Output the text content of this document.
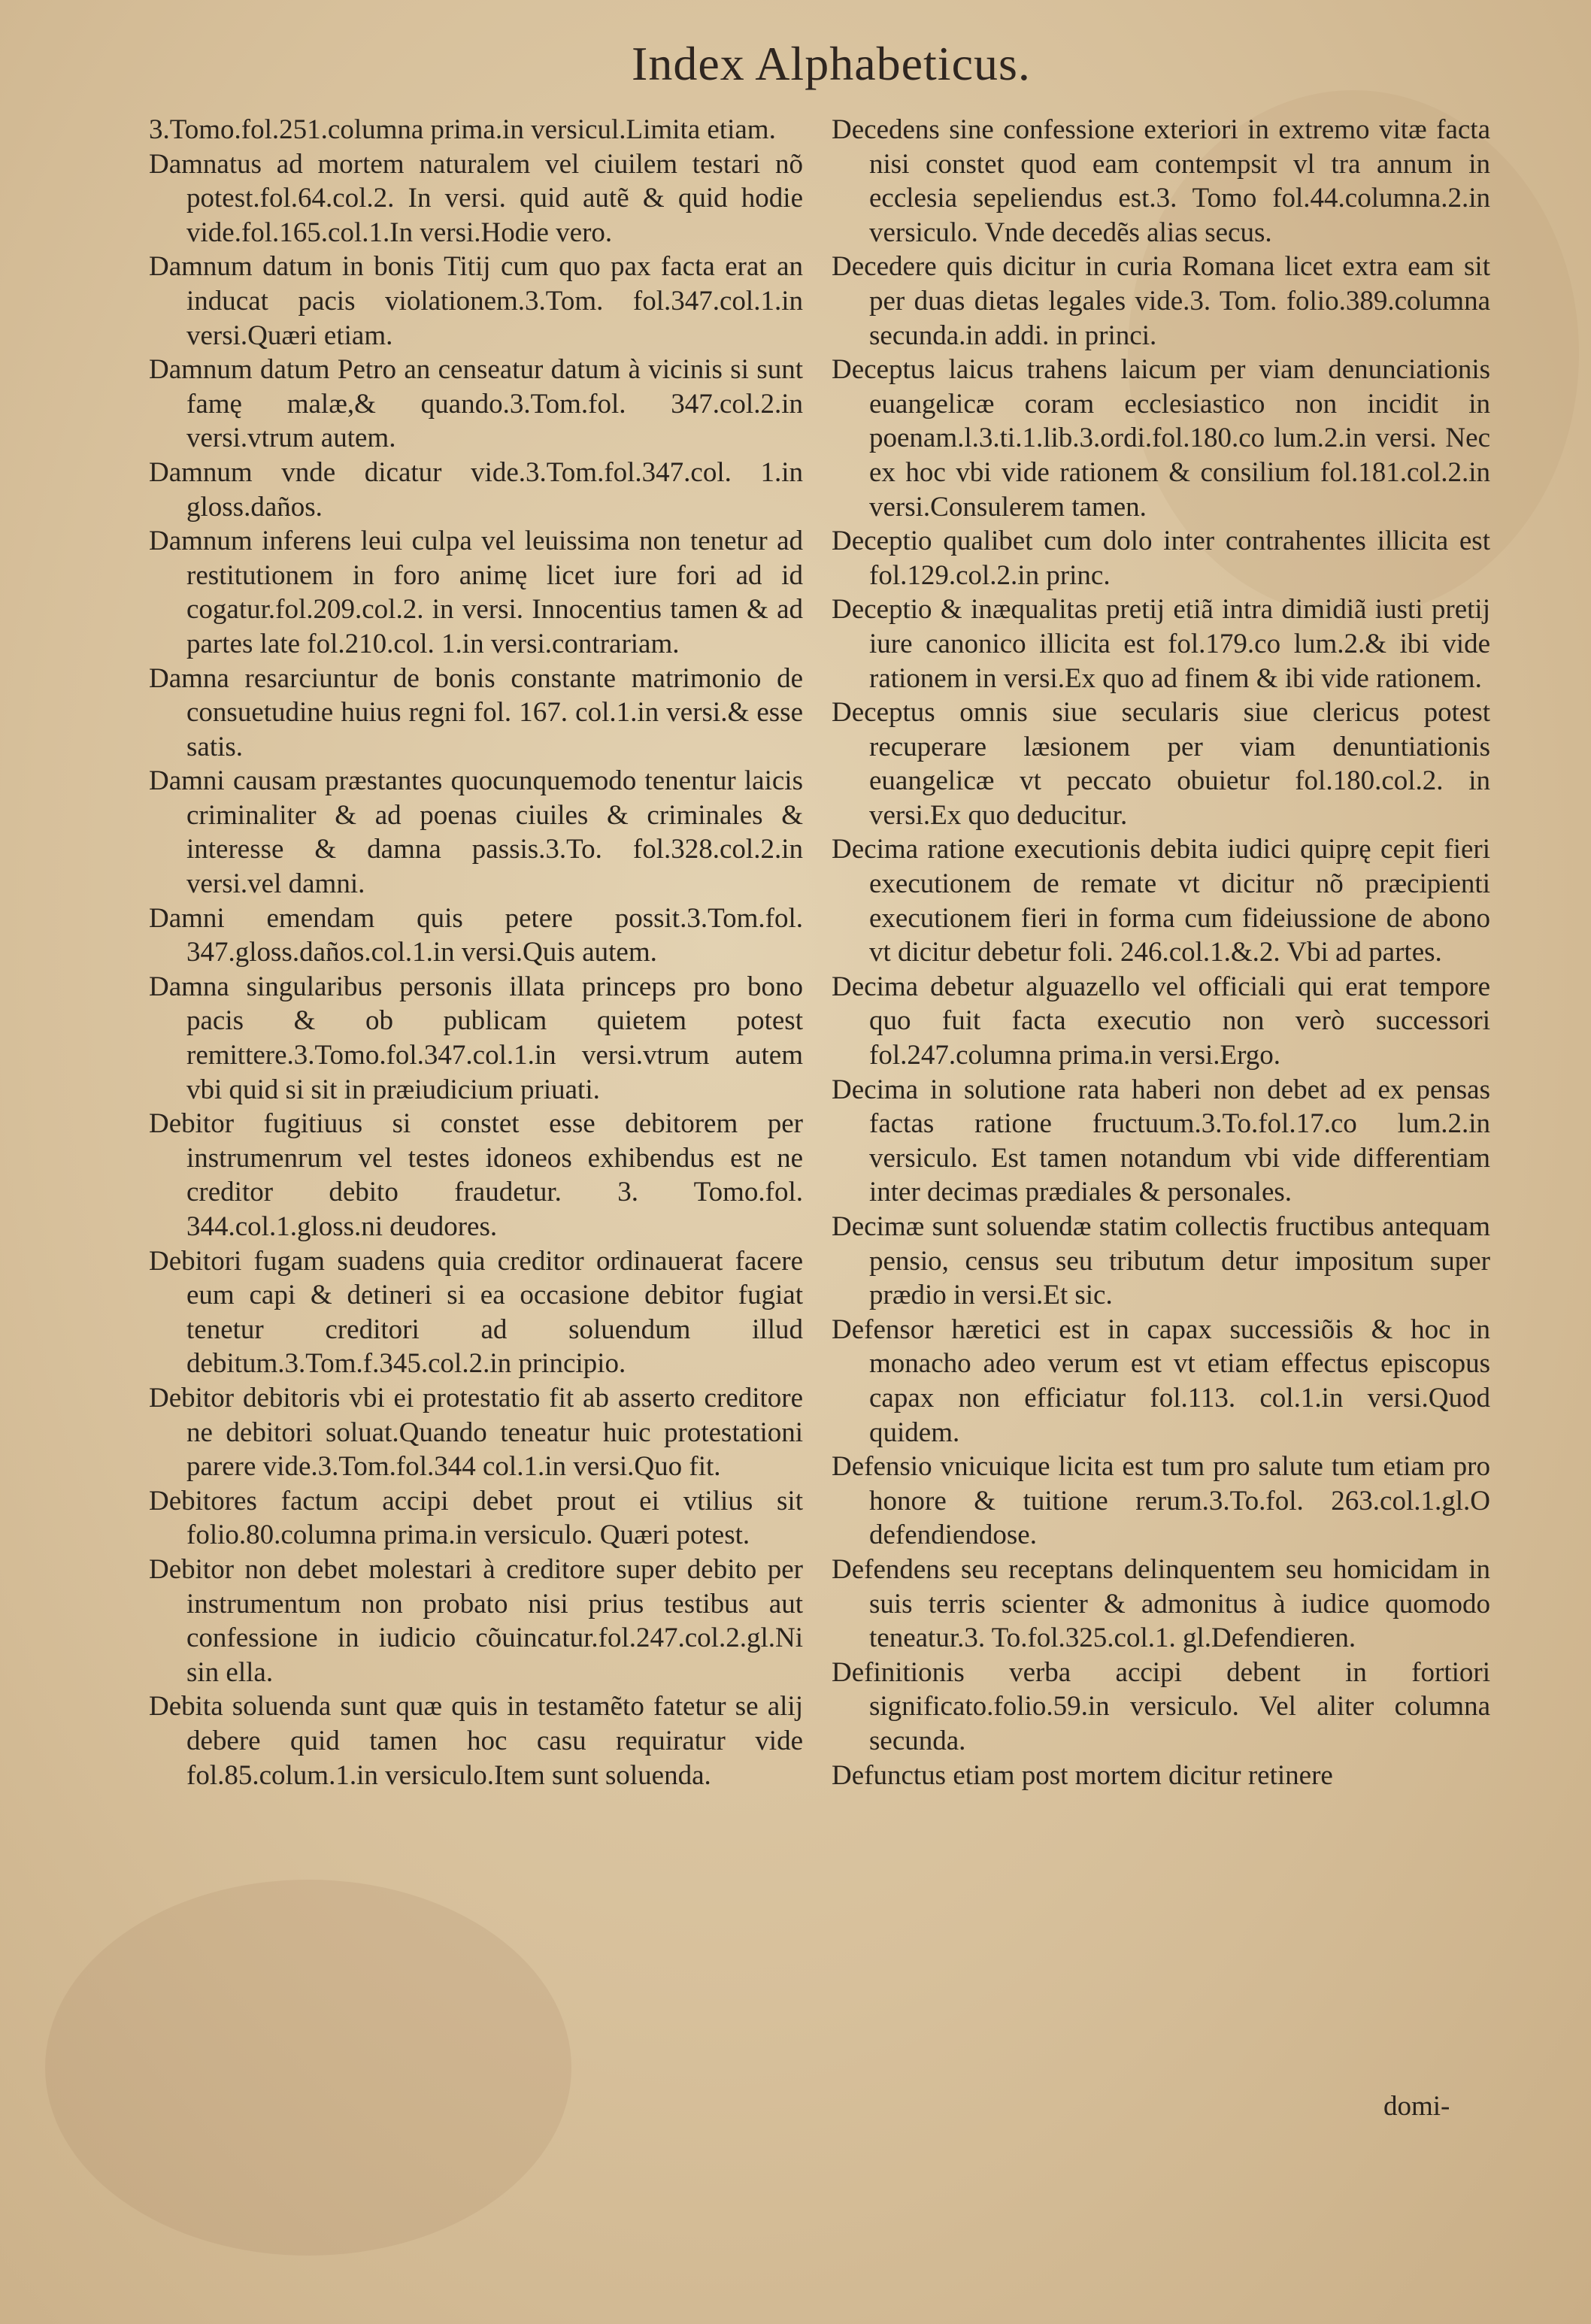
Index Alphabeticus.

3.Tomo.fol.251.columna prima.in versicul.Limita etiam.

Damnatus ad mortem naturalem vel ciuilem testari nõ potest.fol.64.col.2. In versi. quid autẽ & quid hodie vide.fol.165.col.1.In versi.Hodie vero.

Damnum datum in bonis Titij cum quo pax facta erat an inducat pacis violationem.3.Tom. fol.347.col.1.in versi.Quæri etiam.

Damnum datum Petro an censeatur datum à vicinis si sunt famę malæ,& quando.3.Tom.fol. 347.col.2.in versi.vtrum autem.

Damnum vnde dicatur vide.3.Tom.fol.347.col. 1.in gloss.daños.

Damnum inferens leui culpa vel leuissima non tenetur ad restitutionem in foro animę licet iure fori ad id cogatur.fol.209.col.2. in versi. Innocentius tamen & ad partes late fol.210.col. 1.in versi.contrariam.

Damna resarciuntur de bonis constante matrimonio de consuetudine huius regni fol. 167. col.1.in versi.& esse satis.

Damni causam præstantes quocunquemodo tenentur laicis criminaliter & ad poenas ciuiles & criminales & interesse & damna passis.3.To. fol.328.col.2.in versi.vel damni.

Damni emendam quis petere possit.3.Tom.fol. 347.gloss.daños.col.1.in versi.Quis autem.

Damna singularibus personis illata princeps pro bono pacis & ob publicam quietem potest remittere.3.Tomo.fol.347.col.1.in versi.vtrum autem vbi quid si sit in præiudicium priuati.

Debitor fugitiuus si constet esse debitorem per instrumenrum vel testes idoneos exhibendus est ne creditor debito fraudetur. 3. Tomo.fol. 344.col.1.gloss.ni deudores.

Debitori fugam suadens quia creditor ordinauerat facere eum capi & detineri si ea occasione debitor fugiat tenetur creditori ad soluendum illud debitum.3.Tom.f.345.col.2.in principio.

Debitor debitoris vbi ei protestatio fit ab asserto creditore ne debitori soluat.Quando teneatur huic protestationi parere vide.3.Tom.fol.344 col.1.in versi.Quo fit.

Debitores factum accipi debet prout ei vtilius sit folio.80.columna prima.in versiculo. Quæri potest.

Debitor non debet molestari à creditore super debito per instrumentum non probato nisi prius testibus aut confessione in iudicio cõuincatur.fol.247.col.2.gl.Ni sin ella.

Debita soluenda sunt quæ quis in testamẽto fatetur se alij debere quid tamen hoc casu requiratur vide fol.85.colum.1.in versiculo.Item sunt soluenda.

Decedens sine confessione exteriori in extremo vitæ facta nisi constet quod eam contempsit vl tra annum in ecclesia sepeliendus est.3. Tomo fol.44.columna.2.in versiculo. Vnde decedẽs alias secus.

Decedere quis dicitur in curia Romana licet extra eam sit per duas dietas legales vide.3. Tom. folio.389.columna secunda.in addi. in princi.

Deceptus laicus trahens laicum per viam denunciationis euangelicæ coram ecclesiastico non incidit in poenam.l.3.ti.1.lib.3.ordi.fol.180.co lum.2.in versi. Nec ex hoc vbi vide rationem & consilium fol.181.col.2.in versi.Consulerem tamen.

Deceptio qualibet cum dolo inter contrahentes illicita est fol.129.col.2.in princ.

Deceptio & inæqualitas pretij etiã intra dimidiã iusti pretij iure canonico illicita est fol.179.co lum.2.& ibi vide rationem in versi.Ex quo ad finem & ibi vide rationem.

Deceptus omnis siue secularis siue clericus potest recuperare læsionem per viam denuntiationis euangelicæ vt peccato obuietur fol.180.col.2. in versi.Ex quo deducitur.

Decima ratione executionis debita iudici quiprę cepit fieri executionem de remate vt dicitur nõ præcipienti executionem fieri in forma cum fideiussione de abono vt dicitur debetur foli. 246.col.1.&.2. Vbi ad partes.

Decima debetur alguazello vel officiali qui erat tempore quo fuit facta executio non verò successori fol.247.columna prima.in versi.Ergo.

Decima in solutione rata haberi non debet ad ex pensas factas ratione fructuum.3.To.fol.17.co lum.2.in versiculo. Est tamen notandum vbi vide differentiam inter decimas prædiales & personales.

Decimæ sunt soluendæ statim collectis fructibus antequam pensio, census seu tributum detur impositum super prædio in versi.Et sic.

Defensor hæretici est in capax successiõis & hoc in monacho adeo verum est vt etiam effectus episcopus capax non efficiatur fol.113. col.1.in versi.Quod quidem.

Defensio vnicuique licita est tum pro salute tum etiam pro honore & tuitione rerum.3.To.fol. 263.col.1.gl.O defendiendose.

Defendens seu receptans delinquentem seu homicidam in suis terris scienter & admonitus à iudice quomodo teneatur.3. To.fol.325.col.1. gl.Defendieren.

Definitionis verba accipi debent in fortiori significato.folio.59.in versiculo. Vel aliter columna secunda.

Defunctus etiam post mortem dicitur retinere

domi-
